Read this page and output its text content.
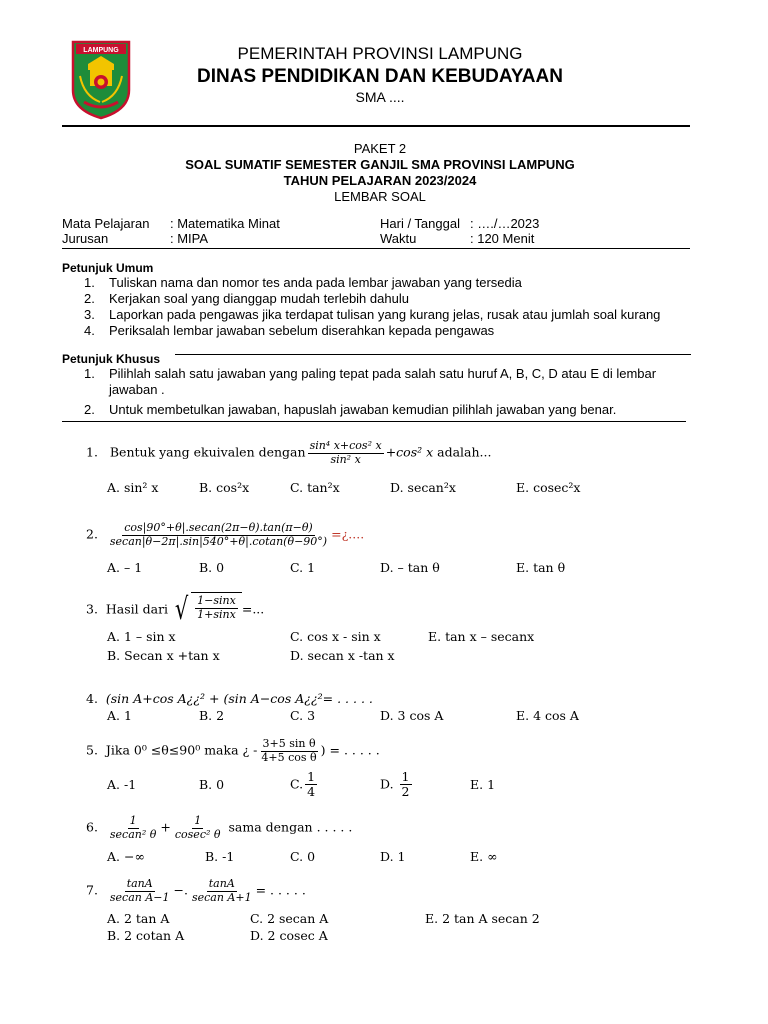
LAMPUNG	PEMERINTAH PROVINSI LAMPUNG
DINAS PENDIDIKAN DAN KEBUDAYAAN
SMA ....
PAKET 2
SOAL SUMATIF SEMESTER GANJIL SMA PROVINSI LAMPUNG
TAHUN PELAJARAN 2023/2024
LEMBAR SOAL
Mata Pelajaran : Matematika Minat
Jurusan	: MIPA
Hari / Tanggal : …./…2023
Waktu	: 120 Menit
Petunjuk Umum
1.	Tuliskan nama dan nomor tes anda pada lembar jawaban yang tersedia
2.	Kerjakan soal yang dianggap mudah terlebih dahulu
3.	Laporkan pada pengawas jika terdapat tulisan yang kurang jelas, rusak atau jumlah soal kurang
4.	Periksalah lembar jawaban sebelum diserahkan kepada pengawas
Petunjuk Khusus
1.	Pilihlah salah satu jawaban yang paling tepat pada salah satu huruf A, B, C, D atau E di lembar jawaban .
2.	Untuk membetulkan jawaban, hapuslah jawaban kemudian pilihlah jawaban yang benar.
1. Bentuk yang ekuivalen dengan $\frac{\text{sin⁴ x+cos² x}}{\text{sin² x}} +\cos^2$ x adalah...
A. sin² x	B. cos²x	C. tan²x	D. secan²x	E. cosec²x
2. $\frac{\text{cos⁡|90°+θ|.secan(2π−θ).tan(π−θ)}}{\text{secan|θ−2π|.sin|540°+θ|.cotan(θ−90°)}}$ =¿....
A. – 1	B. 0	C. 1	D. – tan θ	E. tan θ
3. Hasil dari √ $\frac{1-\sin x}{1+\sin x}$ =...
A. 1 – sin x
B. Secan x +tan x
C. cos x - sin x
D. secan x -tan x
E. tan x – secanx
4. (sin A+cos A¿¿² + (sin A−cos A¿¿²= . . . . .
A. 1	B. 2	C. 3	D. 3 cos A	E. 4 cos A
5. Jika 0⁰ ≤θ≤90⁰ maka ¿ - $\frac{\text{3+5 sin θ}}{\text{4+5 cos θ}}$ ) = . . . . .
A. -1	B. 0	C. $\frac{1}{4}$	D. $\frac{1}{2}$	E. 1
6. $\frac{1}{\text{secan² θ}} + \frac{1}{\text{cosec² θ}}$ sama dengan . . . . .
A. −∞	B. -1	C. 0	D. 1	E. ∞
7. $\frac{\tan A}{\text{secan A−1}}$ −. $\frac{\tan A}{\text{secan A+1}}$ = . . . . .
A. 2 tan A
B. 2 cotan A
C. 2 secan A
D. 2 cosec A
E. 2 tan A secan 2
